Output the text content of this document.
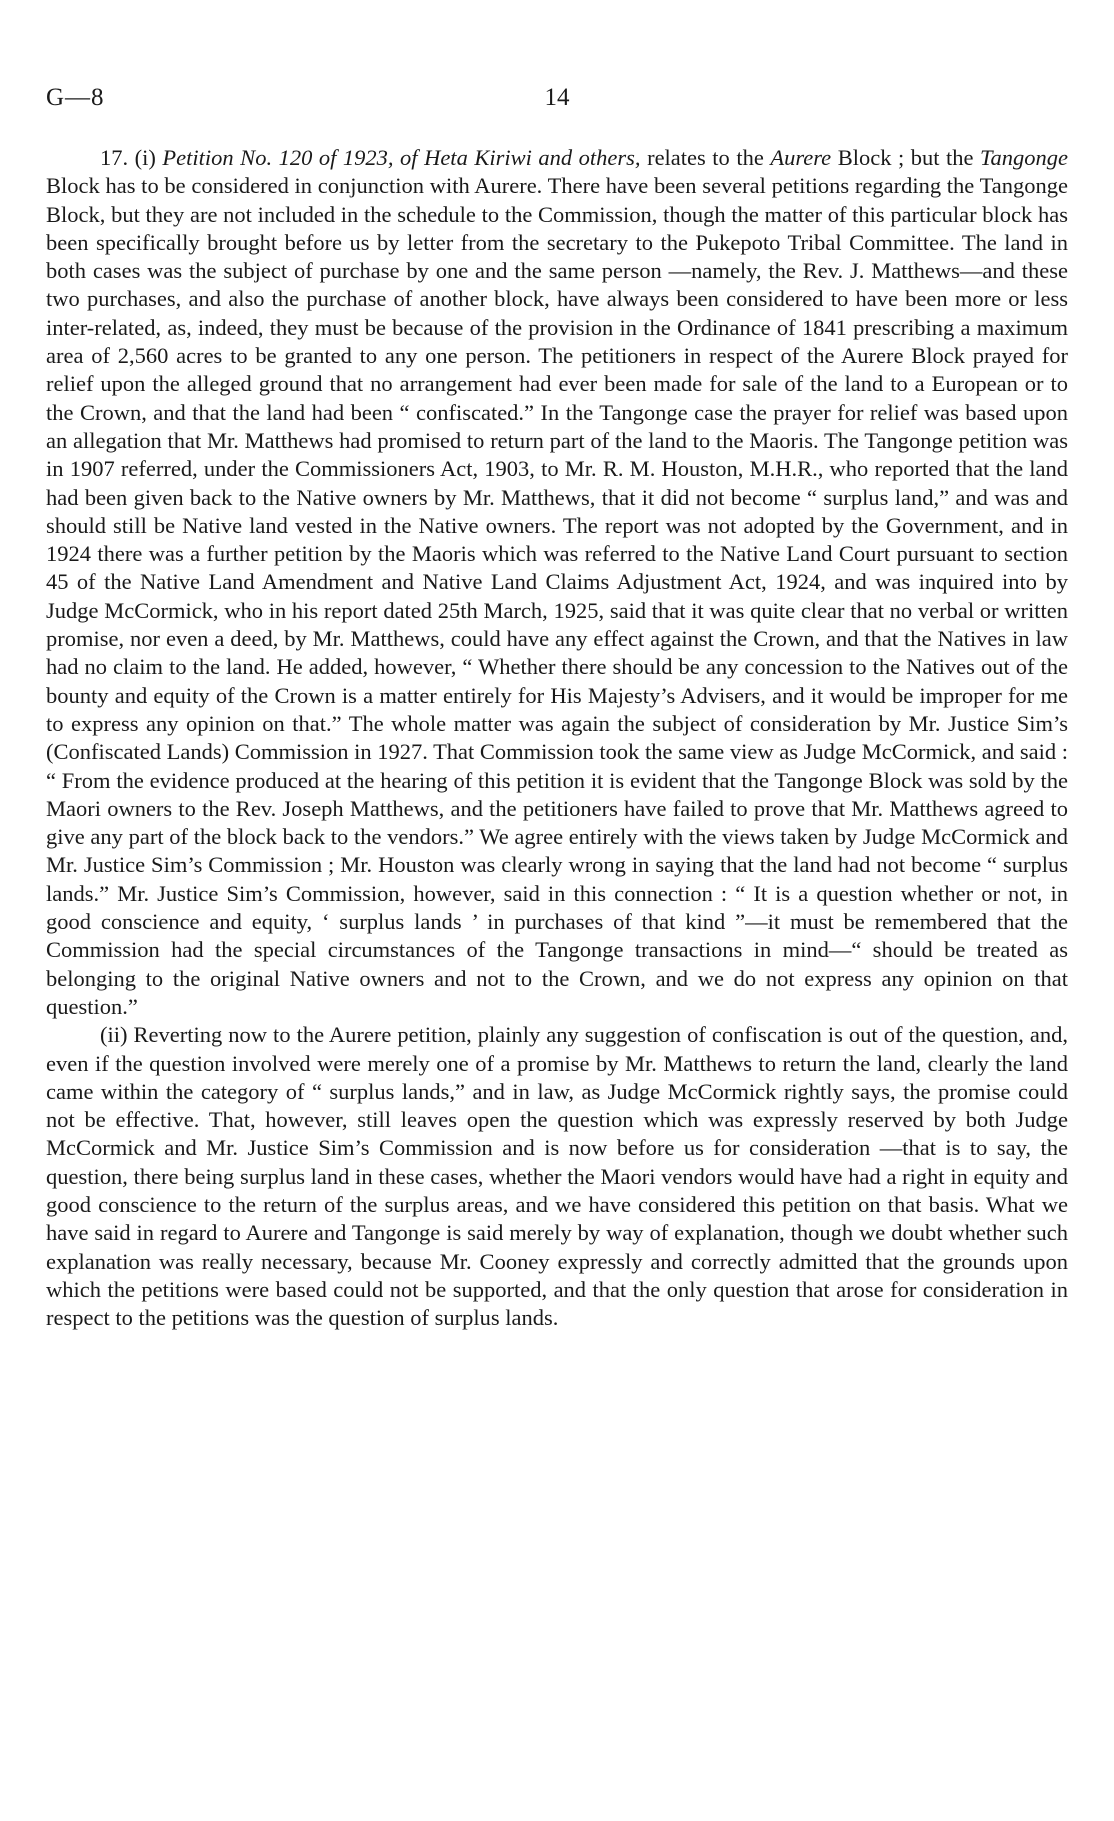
G—8	14

17. (i) Petition No. 120 of 1923, of Heta Kiriwi and others, relates to the Aurere Block ; but the Tangonge Block has to be considered in conjunction with Aurere. There have been several petitions regarding the Tangonge Block, but they are not included in the schedule to the Commission, though the matter of this particular block has been specifically brought before us by letter from the secretary to the Pukepoto Tribal Committee. The land in both cases was the subject of purchase by one and the same person —namely, the Rev. J. Matthews—and these two purchases, and also the purchase of another block, have always been considered to have been more or less inter-related, as, indeed, they must be because of the provision in the Ordinance of 1841 prescribing a maximum area of 2,560 acres to be granted to any one person. The petitioners in respect of the Aurere Block prayed for relief upon the alleged ground that no arrangement had ever been made for sale of the land to a European or to the Crown, and that the land had been “ confiscated.” In the Tangonge case the prayer for relief was based upon an allegation that Mr. Matthews had promised to return part of the land to the Maoris. The Tangonge petition was in 1907 referred, under the Commissioners Act, 1903, to Mr. R. M. Houston, M.H.R., who reported that the land had been given back to the Native owners by Mr. Matthews, that it did not become “ surplus land,” and was and should still be Native land vested in the Native owners. The report was not adopted by the Government, and in 1924 there was a further petition by the Maoris which was referred to the Native Land Court pursuant to section 45 of the Native Land Amendment and Native Land Claims Adjustment Act, 1924, and was inquired into by Judge McCormick, who in his report dated 25th March, 1925, said that it was quite clear that no verbal or written promise, nor even a deed, by Mr. Matthews, could have any effect against the Crown, and that the Natives in law had no claim to the land. He added, however, “ Whether there should be any concession to the Natives out of the bounty and equity of the Crown is a matter entirely for His Majesty’s Advisers, and it would be improper for me to express any opinion on that.” The whole matter was again the subject of consideration by Mr. Justice Sim’s (Confiscated Lands) Commission in 1927. That Commission took the same view as Judge McCormick, and said : “ From the evidence produced at the hearing of this petition it is evident that the Tangonge Block was sold by the Maori owners to the Rev. Joseph Matthews, and the petitioners have failed to prove that Mr. Matthews agreed to give any part of the block back to the vendors.” We agree entirely with the views taken by Judge McCormick and Mr. Justice Sim’s Commission ; Mr. Houston was clearly wrong in saying that the land had not become “ surplus lands.” Mr. Justice Sim’s Commission, however, said in this connection : “ It is a question whether or not, in good conscience and equity, ‘ surplus lands ’ in purchases of that kind ”—it must be remembered that the Commission had the special circumstances of the Tangonge transactions in mind—“ should be treated as belonging to the original Native owners and not to the Crown, and we do not express any opinion on that question.”

(ii) Reverting now to the Aurere petition, plainly any suggestion of confiscation is out of the question, and, even if the question involved were merely one of a promise by Mr. Matthews to return the land, clearly the land came within the category of “ surplus lands,” and in law, as Judge McCormick rightly says, the promise could not be effective. That, however, still leaves open the question which was expressly reserved by both Judge McCormick and Mr. Justice Sim’s Commission and is now before us for consideration —that is to say, the question, there being surplus land in these cases, whether the Maori vendors would have had a right in equity and good conscience to the return of the surplus areas, and we have considered this petition on that basis. What we have said in regard to Aurere and Tangonge is said merely by way of explanation, though we doubt whether such explanation was really necessary, because Mr. Cooney expressly and correctly admitted that the grounds upon which the petitions were based could not be supported, and that the only question that arose for consideration in respect to the petitions was the question of surplus lands.
